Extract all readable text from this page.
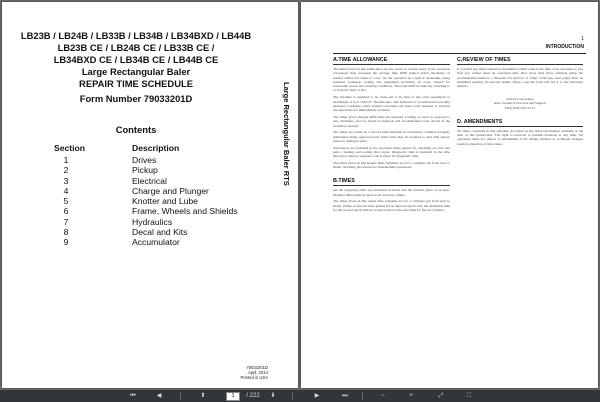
LB23B / LB24B / LB33B / LB34B / LB34BXD / LB44B
LB23B CE / LB24B CE / LB33B CE /
LB34BXD CE / LB34B CE / LB44B CE
Large Rectangular Baler
REPAIR TIME SCHEDULE
Form Number 79033201D
Contents
Section	Description
1	Drives
2	Pickup
3	Electrical
4	Charge and Plunger
5	Knotter and Lube
6	Frame, Wheels and Shields
7	Hydraulics
8	Decal and Kits
9	Accumulator
Large Rectangular Baler RTS
79033201D
April, 2014
Printed in USA
1
INTRODUCTION
A.TIME ALLOWANCE

The times listed in this publication are the result of careful study of the operation concerned; they represent the average time ONE trained dealer mechanic, of normal ability has taken to carry out the operation in a typical dealership, using standard workshop tooling and equipment including air tools, treated for reasonable access and working conditions. They DO NOT include any traveling to or from the farm or site.

The machine is assumed to be clean and to be base of any extra equipment or attachment of non "AGCO" manufacture, and delivered to an authorized and duly equipped workshop where trained personnel and spare parts required to perform the operations are immediately available.

The times given include difficulties encountered working on used as opposed to new machines, and are based on methods and recommended tools shown in the workshop manual.

The times are based on a second hand machine in reasonable condition properly maintained using approved parts. Extra time may be required to deal with seized, rusted or damaged parts.

Allowances are included in the operation times quoted for obtaining all tools and parts, cleaning and tooling after repair. Diagnostic time is included in the time allowance unless a separate code is listed for diagnostic time.

The times given in this Repair Time Schedule are for a complete job from start to finish, including allowances for intermediate operations.

B.TIMES

All the operating times are presented in hours and the decimal parts of an hour. Decimal times must be used on all warranty claims.

The times given in this repair time schedule are for a complete job from start to finish. Where access has been gained for an adjacent repair only the additional time for the second repair will be accepted and not the total time for the two failures.

C.REVIEW OF TIMES

If you find any improvement in the method which reduces the time of an operation or you find you cannot meet an operation time after more than three attempts using the recommended method, a "Request for Review of Time" form (see next page) must be submitted quoting all relevant details. Photo copy the form and fax it to the following address:

AGCO Corporation
Attn: Technical Services and Support
FAX:(620) 327-5713
D. AMENDMENTS

All times contained in this schedule are based on the latest information available at the time of this publication. The right is reserved to publish revisions at any time. All operation times are subject to amendment if the design, method or technique changes result in alteration of time taken.

⏮	◀	⬆	1	/ 222	⬇	▶	⏭	−	+	⤢	⛶
